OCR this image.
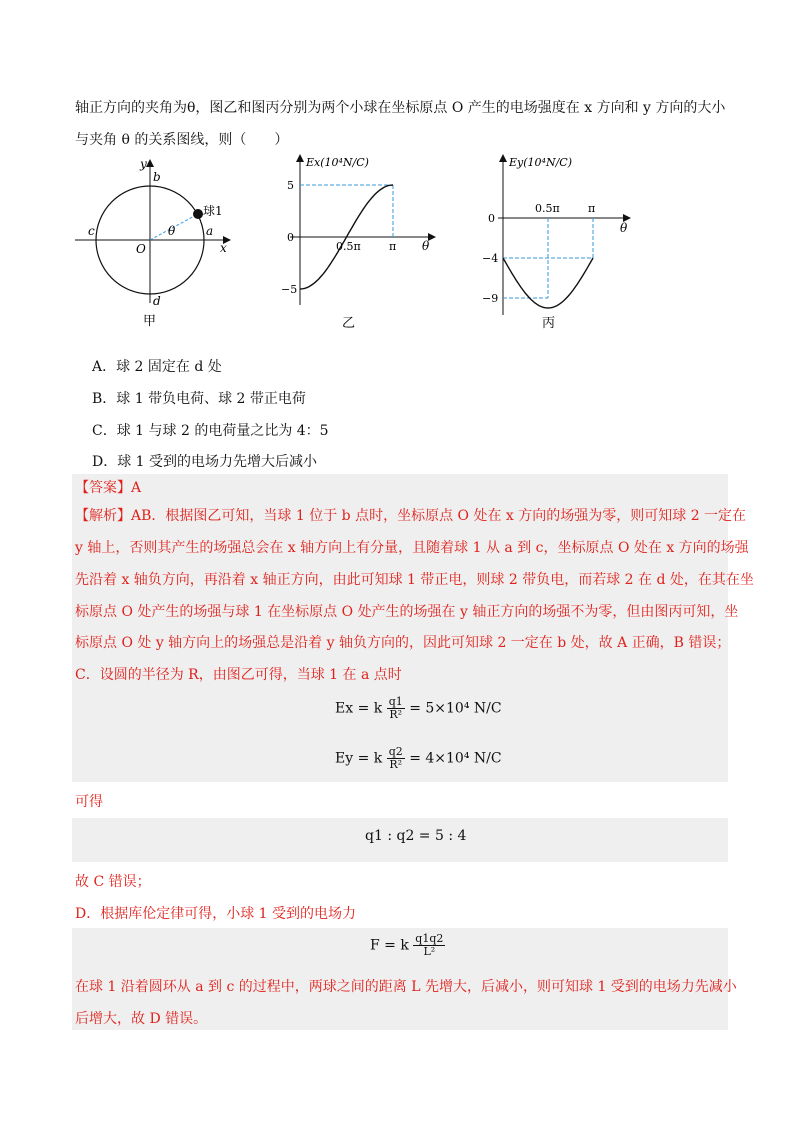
轴正方向的夹角为θ，图乙和图丙分别为两个小球在坐标原点 O 产生的电场强度在 x 方向和 y 方向的大小
与夹角 θ 的关系图线，则（　　）
y
x
b
a
c
d
O
θ
球1
甲
Ex(10⁴N/C)
θ
0.5π	π
5
0
−5
乙
Ey(10⁴N/C)
θ
0.5π	π
0
−4
−9
丙
A．球 2 固定在 d 处
B．球 1 带负电荷、球 2 带正电荷
C．球 1 与球 2 的电荷量之比为 4：5
D．球 1 受到的电场力先增大后减小
【答案】A
【解析】AB．根据图乙可知，当球 1 位于 b 点时，坐标原点 O 处在 x 方向的场强为零，则可知球 2 一定在
y 轴上，否则其产生的场强总会在 x 轴方向上有分量，且随着球 1 从 a 到 c，坐标原点 O 处在 x 方向的场强
先沿着 x 轴负方向，再沿着 x 轴正方向，由此可知球 1 带正电，则球 2 带负电，而若球 2 在 d 处，在其在坐
标原点 O 处产生的场强与球 1 在坐标原点 O 处产生的场强在 y 轴正方向的场强不为零，但由图丙可知，坐
标原点 O 处 y 轴方向上的场强总是沿着 y 轴负方向的，因此可知球 2 一定在 b 处，故 A 正确，B 错误；
C．设圆的半径为 R，由图乙可得，当球 1 在 a 点时
Ex = k $\frac{q1}{\text{R²}} = 5\times 10^4$ N/C
Ey = k $\frac{q2}{\text{R²}} = 4\times 10^4$ N/C
可得
q1 : q2 = 5 : 4
故 C 错误；
D．根据库伦定律可得，小球 1 受到的电场力
F = k $\frac{q1q2}{\text{L²}}$
在球 1 沿着圆环从 a 到 c 的过程中，两球之间的距离 L 先增大，后减小，则可知球 1 受到的电场力先减小
后增大，故 D 错误。
